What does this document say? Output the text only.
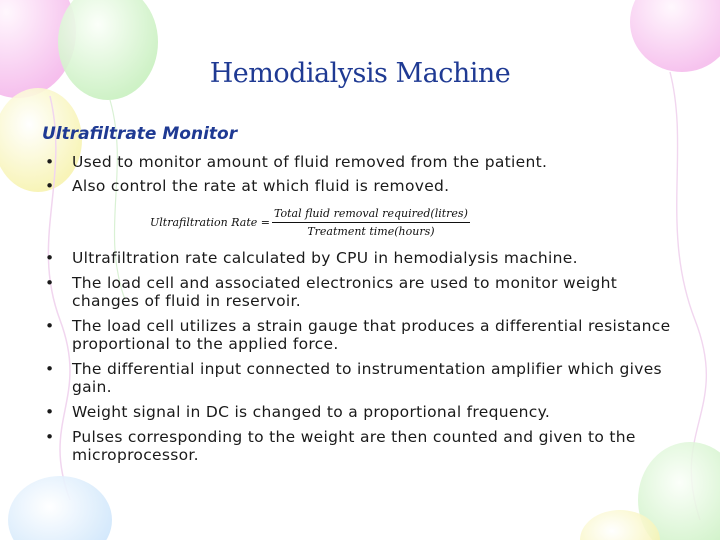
Hemodialysis Machine
Ultrafiltrate Monitor
• Used to monitor amount of fluid removed from the patient.
• Also control the rate at which fluid is removed.
Ultrafiltration Rate = $\frac{\text{Total fluid removal required(litres)}}{\text{Treatment time(hours)}}$
• Ultrafiltration rate calculated by CPU in hemodialysis machine.
• The load cell and associated electronics are used to monitor weight changes of fluid in reservoir.
• The load cell utilizes a strain gauge that produces a differential resistance proportional to the applied force.
• The differential input connected to instrumentation amplifier which gives gain.
• Weight signal in DC is changed to a proportional frequency.
• Pulses corresponding to the weight are then counted and given to the microprocessor.
